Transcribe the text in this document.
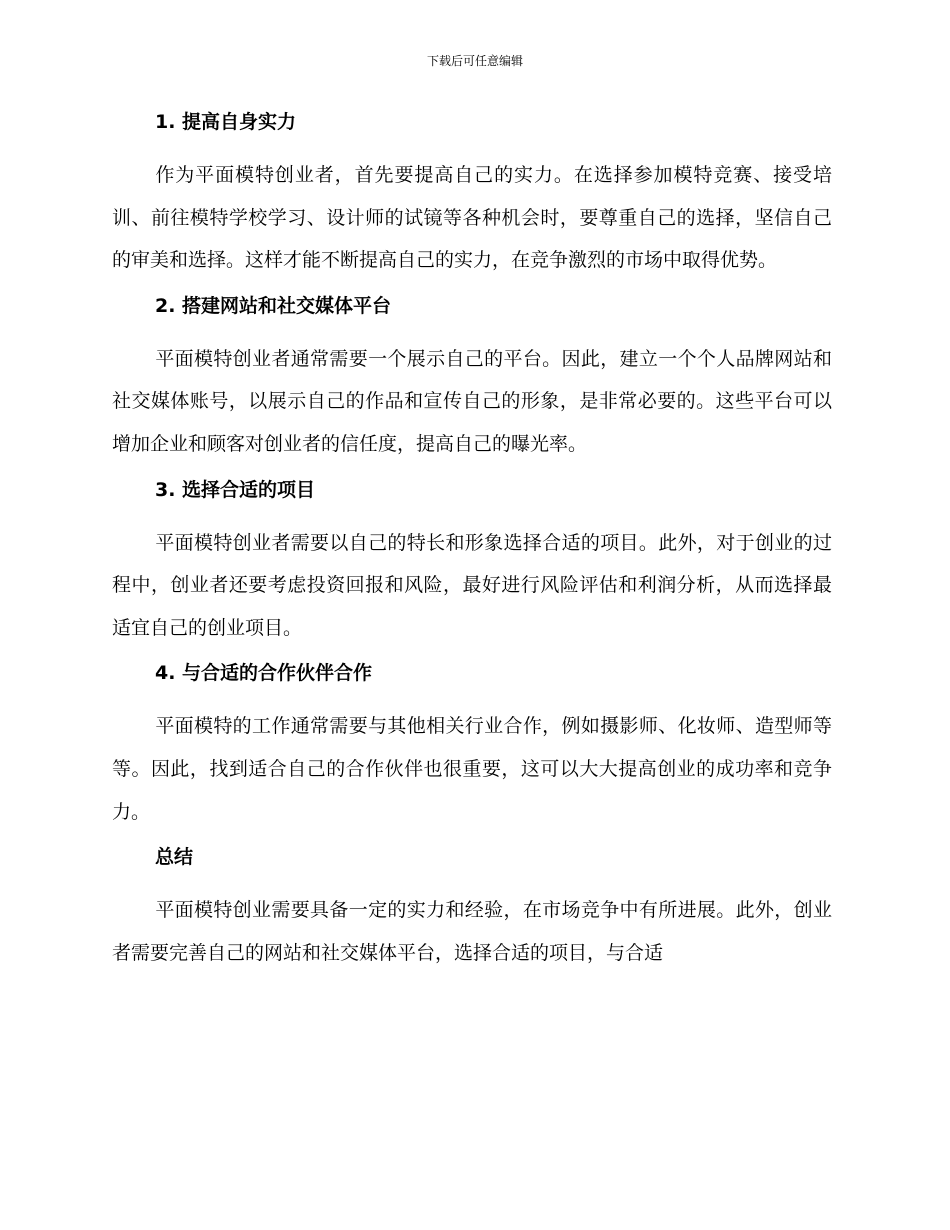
下载后可任意编辑
1. 提高自身实力

作为平面模特创业者，首先要提高自己的实力。在选择参加模特竞赛、接受培训、前往模特学校学习、设计师的试镜等各种机会时，要尊重自己的选择，坚信自己的审美和选择。这样才能不断提高自己的实力，在竞争激烈的市场中取得优势。

2. 搭建网站和社交媒体平台

平面模特创业者通常需要一个展示自己的平台。因此，建立一个个人品牌网站和社交媒体账号，以展示自己的作品和宣传自己的形象，是非常必要的。这些平台可以增加企业和顾客对创业者的信任度，提高自己的曝光率。

3. 选择合适的项目

平面模特创业者需要以自己的特长和形象选择合适的项目。此外，对于创业的过程中，创业者还要考虑投资回报和风险，最好进行风险评估和利润分析，从而选择最适宜自己的创业项目。

4. 与合适的合作伙伴合作

平面模特的工作通常需要与其他相关行业合作，例如摄影师、化妆师、造型师等等。因此，找到适合自己的合作伙伴也很重要，这可以大大提高创业的成功率和竞争力。

总结

平面模特创业需要具备一定的实力和经验，在市场竞争中有所进展。此外，创业者需要完善自己的网站和社交媒体平台，选择合适的项目，与合适
